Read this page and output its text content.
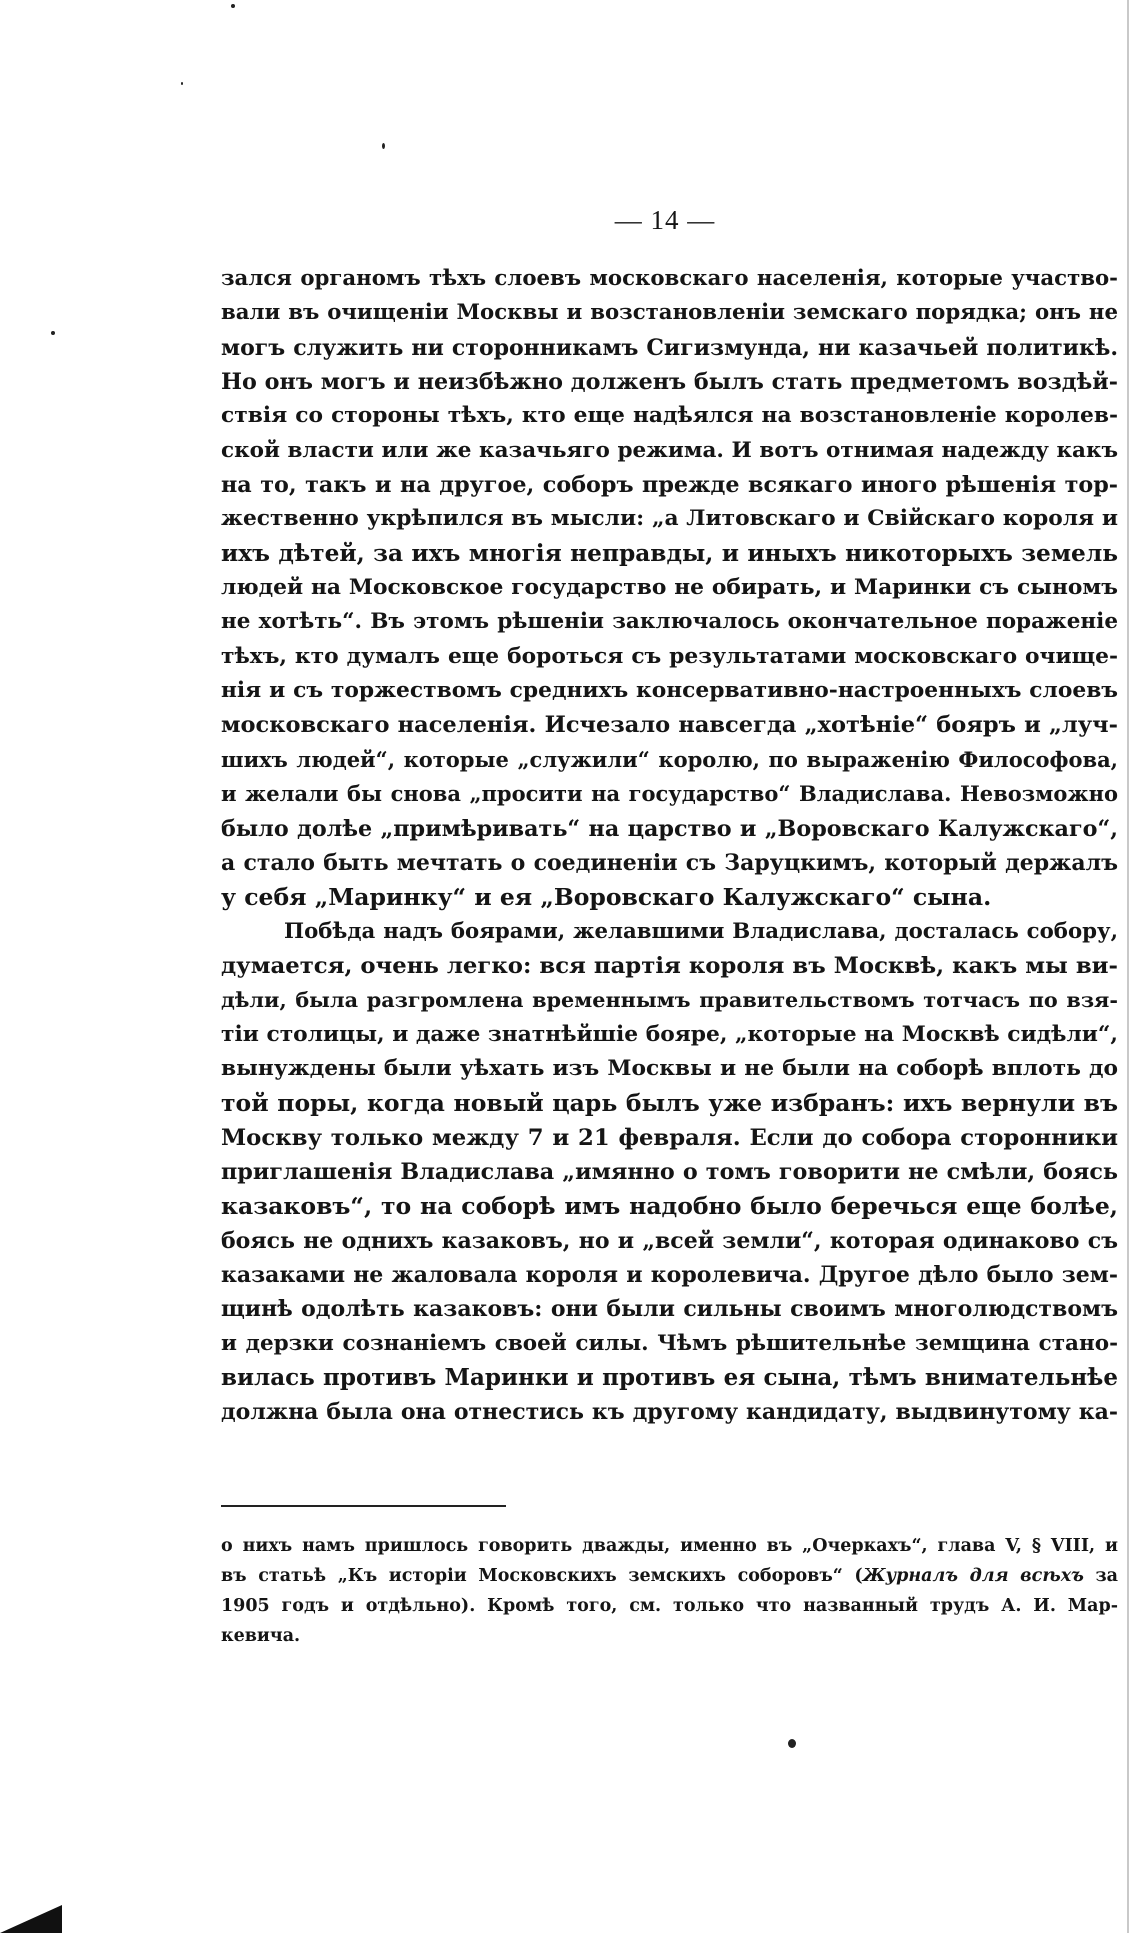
— 14 —
зался органомъ тѣхъ слоевъ московскаго населенія, которые участво-
вали въ очищеніи Москвы и возстановленіи земскаго порядка; онъ не
могъ служить ни сторонникамъ Сигизмунда, ни казачьей политикѣ.
Но онъ могъ и неизбѣжно долженъ былъ стать предметомъ воздѣй-
ствія со стороны тѣхъ, кто еще надѣялся на возстановленіе королев-
ской власти или же казачьяго режима. И вотъ отнимая надежду какъ
на то, такъ и на другое, соборъ прежде всякаго иного рѣшенія тор-
жественно укрѣпился въ мысли: „а Литовскаго и Свійскаго короля и
ихъ дѣтей, за ихъ многія неправды, и иныхъ никоторыхъ земель
людей на Московское государство не обирать, и Маринки съ сыномъ
не хотѣть“. Въ этомъ рѣшеніи заключалось окончательное пораженіе
тѣхъ, кто думалъ еще бороться съ результатами московскаго очище-
нія и съ торжествомъ среднихъ консервативно-настроенныхъ слоевъ
московскаго населенія. Исчезало навсегда „хотѣніе“ бояръ и „луч-
шихъ людей“, которые „служили“ королю, по выраженію Философова,
и желали бы снова „просити на государство“ Владислава. Невозможно
было долѣе „примѣривать“ на царство и „Воровскаго Калужскаго“,
а стало быть мечтать о соединеніи съ Заруцкимъ, который держалъ
у себя „Маринку“ и ея „Воровскаго Калужскаго“ сына.
Побѣда надъ боярами, желавшими Владислава, досталась собору,
думается, очень легко: вся партія короля въ Москвѣ, какъ мы ви-
дѣли, была разгромлена временнымъ правительствомъ тотчасъ по взя-
тіи столицы, и даже знатнѣйшіе бояре, „которые на Москвѣ сидѣли“,
вынуждены были уѣхать изъ Москвы и не были на соборѣ вплоть до
той поры, когда новый царь былъ уже избранъ: ихъ вернули въ
Москву только между 7 и 21 февраля. Если до собора сторонники
приглашенія Владислава „имянно о томъ говорити не смѣли, боясь
казаковъ“, то на соборѣ имъ надобно было беречься еще болѣе,
боясь не однихъ казаковъ, но и „всей земли“, которая одинаково съ
казаками не жаловала короля и королевича. Другое дѣло было зем-
щинѣ одолѣть казаковъ: они были сильны своимъ многолюдствомъ
и дерзки сознаніемъ своей силы. Чѣмъ рѣшительнѣе земщина стано-
вилась противъ Маринки и противъ ея сына, тѣмъ внимательнѣе
должна была она отнестись къ другому кандидату, выдвинутому ка-
о нихъ намъ пришлось говорить дважды, именно въ „Очеркахъ“, глава V, § VIII, и
въ статьѣ „Къ исторіи Московскихъ земскихъ соборовъ“ (Журналъ для всѣхъ за
1905 годъ и отдѣльно). Кромѣ того, см. только что названный трудъ А. И. Мар-
кевича.
